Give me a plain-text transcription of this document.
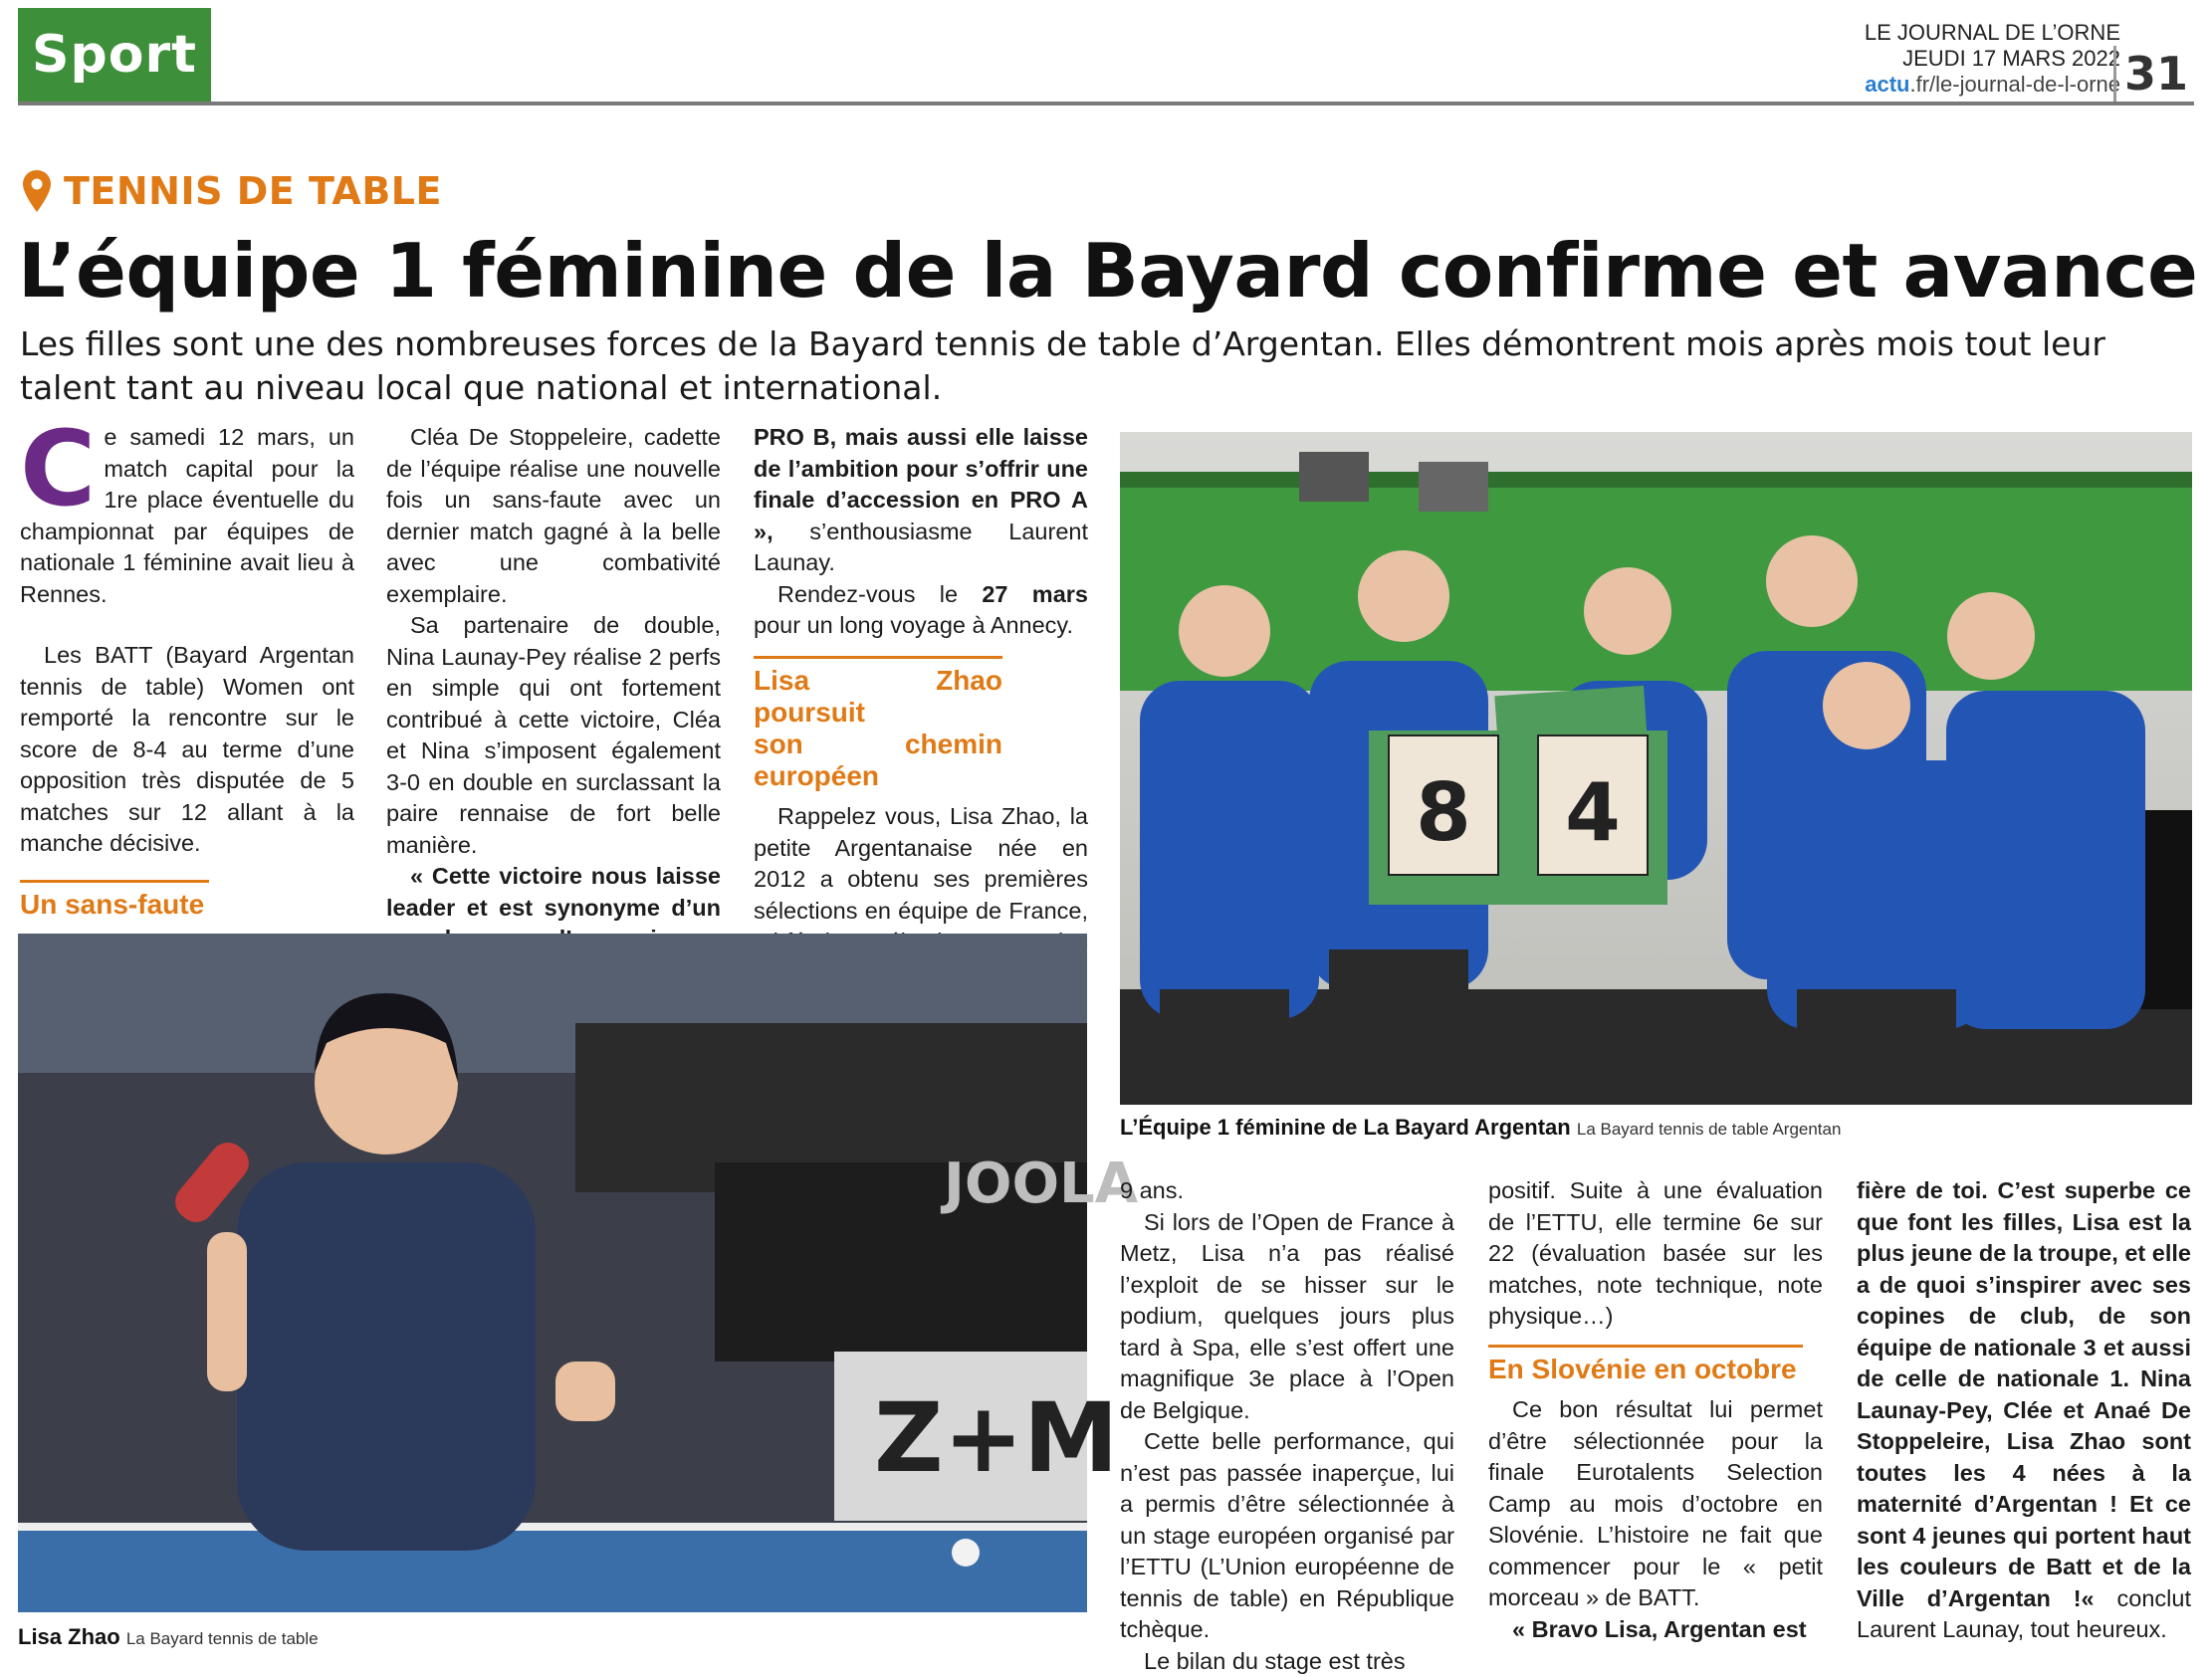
Sport	LE JOURNAL DE L’ORNE
JEUDI 17 MARS 2022
actu.fr/le-journal-de-l-orne 31
TENNIS DE TABLE
L’équipe 1 féminine de la Bayard confirme et avance
Les filles sont une des nombreuses forces de la Bayard tennis de table d’Argentan. Elles démontrent mois après mois tout leur talent tant au niveau local que national et international.
C e samedi 12 mars, un match capital pour la 1re place éventuelle du championnat par équipes de nationale 1 féminine avait lieu à Rennes.

Les BATT (Bayard Argentan tennis de table) Women ont remporté la rencontre sur le score de 8-4 au terme d’une opposition très disputée de 5 matches sur 12 allant à la manche décisive.

Un sans-faute

Cléa De Stoppeleire, cadette de l’équipe réalise une nouvelle fois un sans-faute avec un dernier match gagné à la belle avec une combativité exemplaire.

Sa partenaire de double, Nina Launay-Pey réalise 2 perfs en simple qui ont fortement contribué à cette victoire, Cléa et Nina s’imposent également 3-0 en double en surclassant la paire rennaise de fort belle manière.

« Cette victoire nous laisse leader et est synonyme d’un

PRO B, mais aussi elle laisse de l’ambition pour s’offrir une finale d’accession en PRO A », s’enthousiasme Laurent Launay.

Rendez-vous le 27 mars pour un long voyage à Annecy.

Lisa Zhao poursuit
son chemin européen

Rappelez vous, Lisa Zhao, la petite Argentanaise née en 2012 a obtenu ses premières sélections en équipe de France,

8 4
L’Équipe 1 féminine de La Bayard Argentan La Bayard tennis de table Argentan
JOOLA
Z+M
Lisa Zhao La Bayard tennis de table

9 ans.

Si lors de l’Open de France à Metz, Lisa n’a pas réalisé l’exploit de se hisser sur le podium, quelques jours plus tard à Spa, elle s’est offert une magnifique 3e place à l’Open de Belgique.

Cette belle performance, qui n’est pas passée inaperçue, lui a permis d’être sélectionnée à un stage européen organisé par l’ETTU (L’Union européenne de tennis de table) en République tchèque.

Le bilan du stage est très

positif. Suite à une évaluation de l’ETTU, elle termine 6e sur 22 (évaluation basée sur les matches, note technique, note physique…)

En Slovénie en octobre

Ce bon résultat lui permet d’être sélectionnée pour la finale Eurotalents Selection Camp au mois d’octobre en Slovénie. L’histoire ne fait que commencer pour le « petit morceau » de BATT.

« Bravo Lisa, Argentan est

fière de toi. C’est superbe ce que font les filles, Lisa est la plus jeune de la troupe, et elle a de quoi s’inspirer avec ses copines de club, de son équipe de nationale 3 et aussi de celle de nationale 1. Nina Launay-Pey, Clée et Anaé De Stoppeleire, Lisa Zhao sont toutes les 4 nées à la maternité d’Argentan ! Et ce sont 4 jeunes qui portent haut les couleurs de Batt et de la Ville d’Argentan !« conclut Laurent Launay, tout heureux.
